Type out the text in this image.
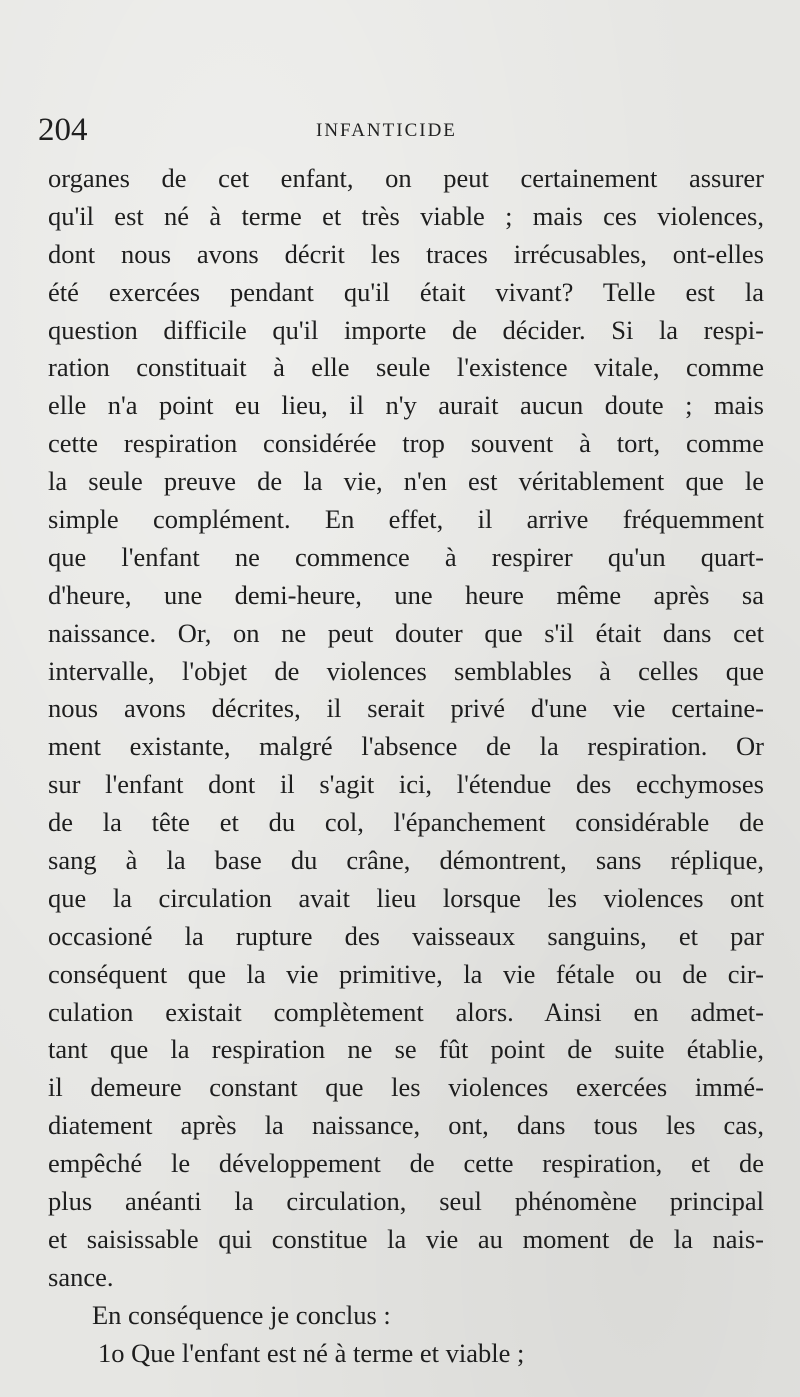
204	INFANTICIDE
organes de cet enfant, on peut certainement assurer
qu'il est né à terme et très viable ; mais ces violences,
dont nous avons décrit les traces irrécusables, ont-elles
été exercées pendant qu'il était vivant? Telle est la
question difficile qu'il importe de décider. Si la respi-
ration constituait à elle seule l'existence vitale, comme
elle n'a point eu lieu, il n'y aurait aucun doute ; mais
cette respiration considérée trop souvent à tort, comme
la seule preuve de la vie, n'en est véritablement que le
simple complément. En effet, il arrive fréquemment
que l'enfant ne commence à respirer qu'un quart-
d'heure, une demi-heure, une heure même après sa
naissance. Or, on ne peut douter que s'il était dans cet
intervalle, l'objet de violences semblables à celles que
nous avons décrites, il serait privé d'une vie certaine-
ment existante, malgré l'absence de la respiration. Or
sur l'enfant dont il s'agit ici, l'étendue des ecchymoses
de la tête et du col, l'épanchement considérable de
sang à la base du crâne, démontrent, sans réplique,
que la circulation avait lieu lorsque les violences ont
occasioné la rupture des vaisseaux sanguins, et par
conséquent que la vie primitive, la vie fétale ou de cir-
culation existait complètement alors. Ainsi en admet-
tant que la respiration ne se fût point de suite établie,
il demeure constant que les violences exercées immé-
diatement après la naissance, ont, dans tous les cas,
empêché le développement de cette respiration, et de
plus anéanti la circulation, seul phénomène principal
et saisissable qui constitue la vie au moment de la nais-
sance.
En conséquence je conclus :
1o Que l'enfant est né à terme et viable ;
